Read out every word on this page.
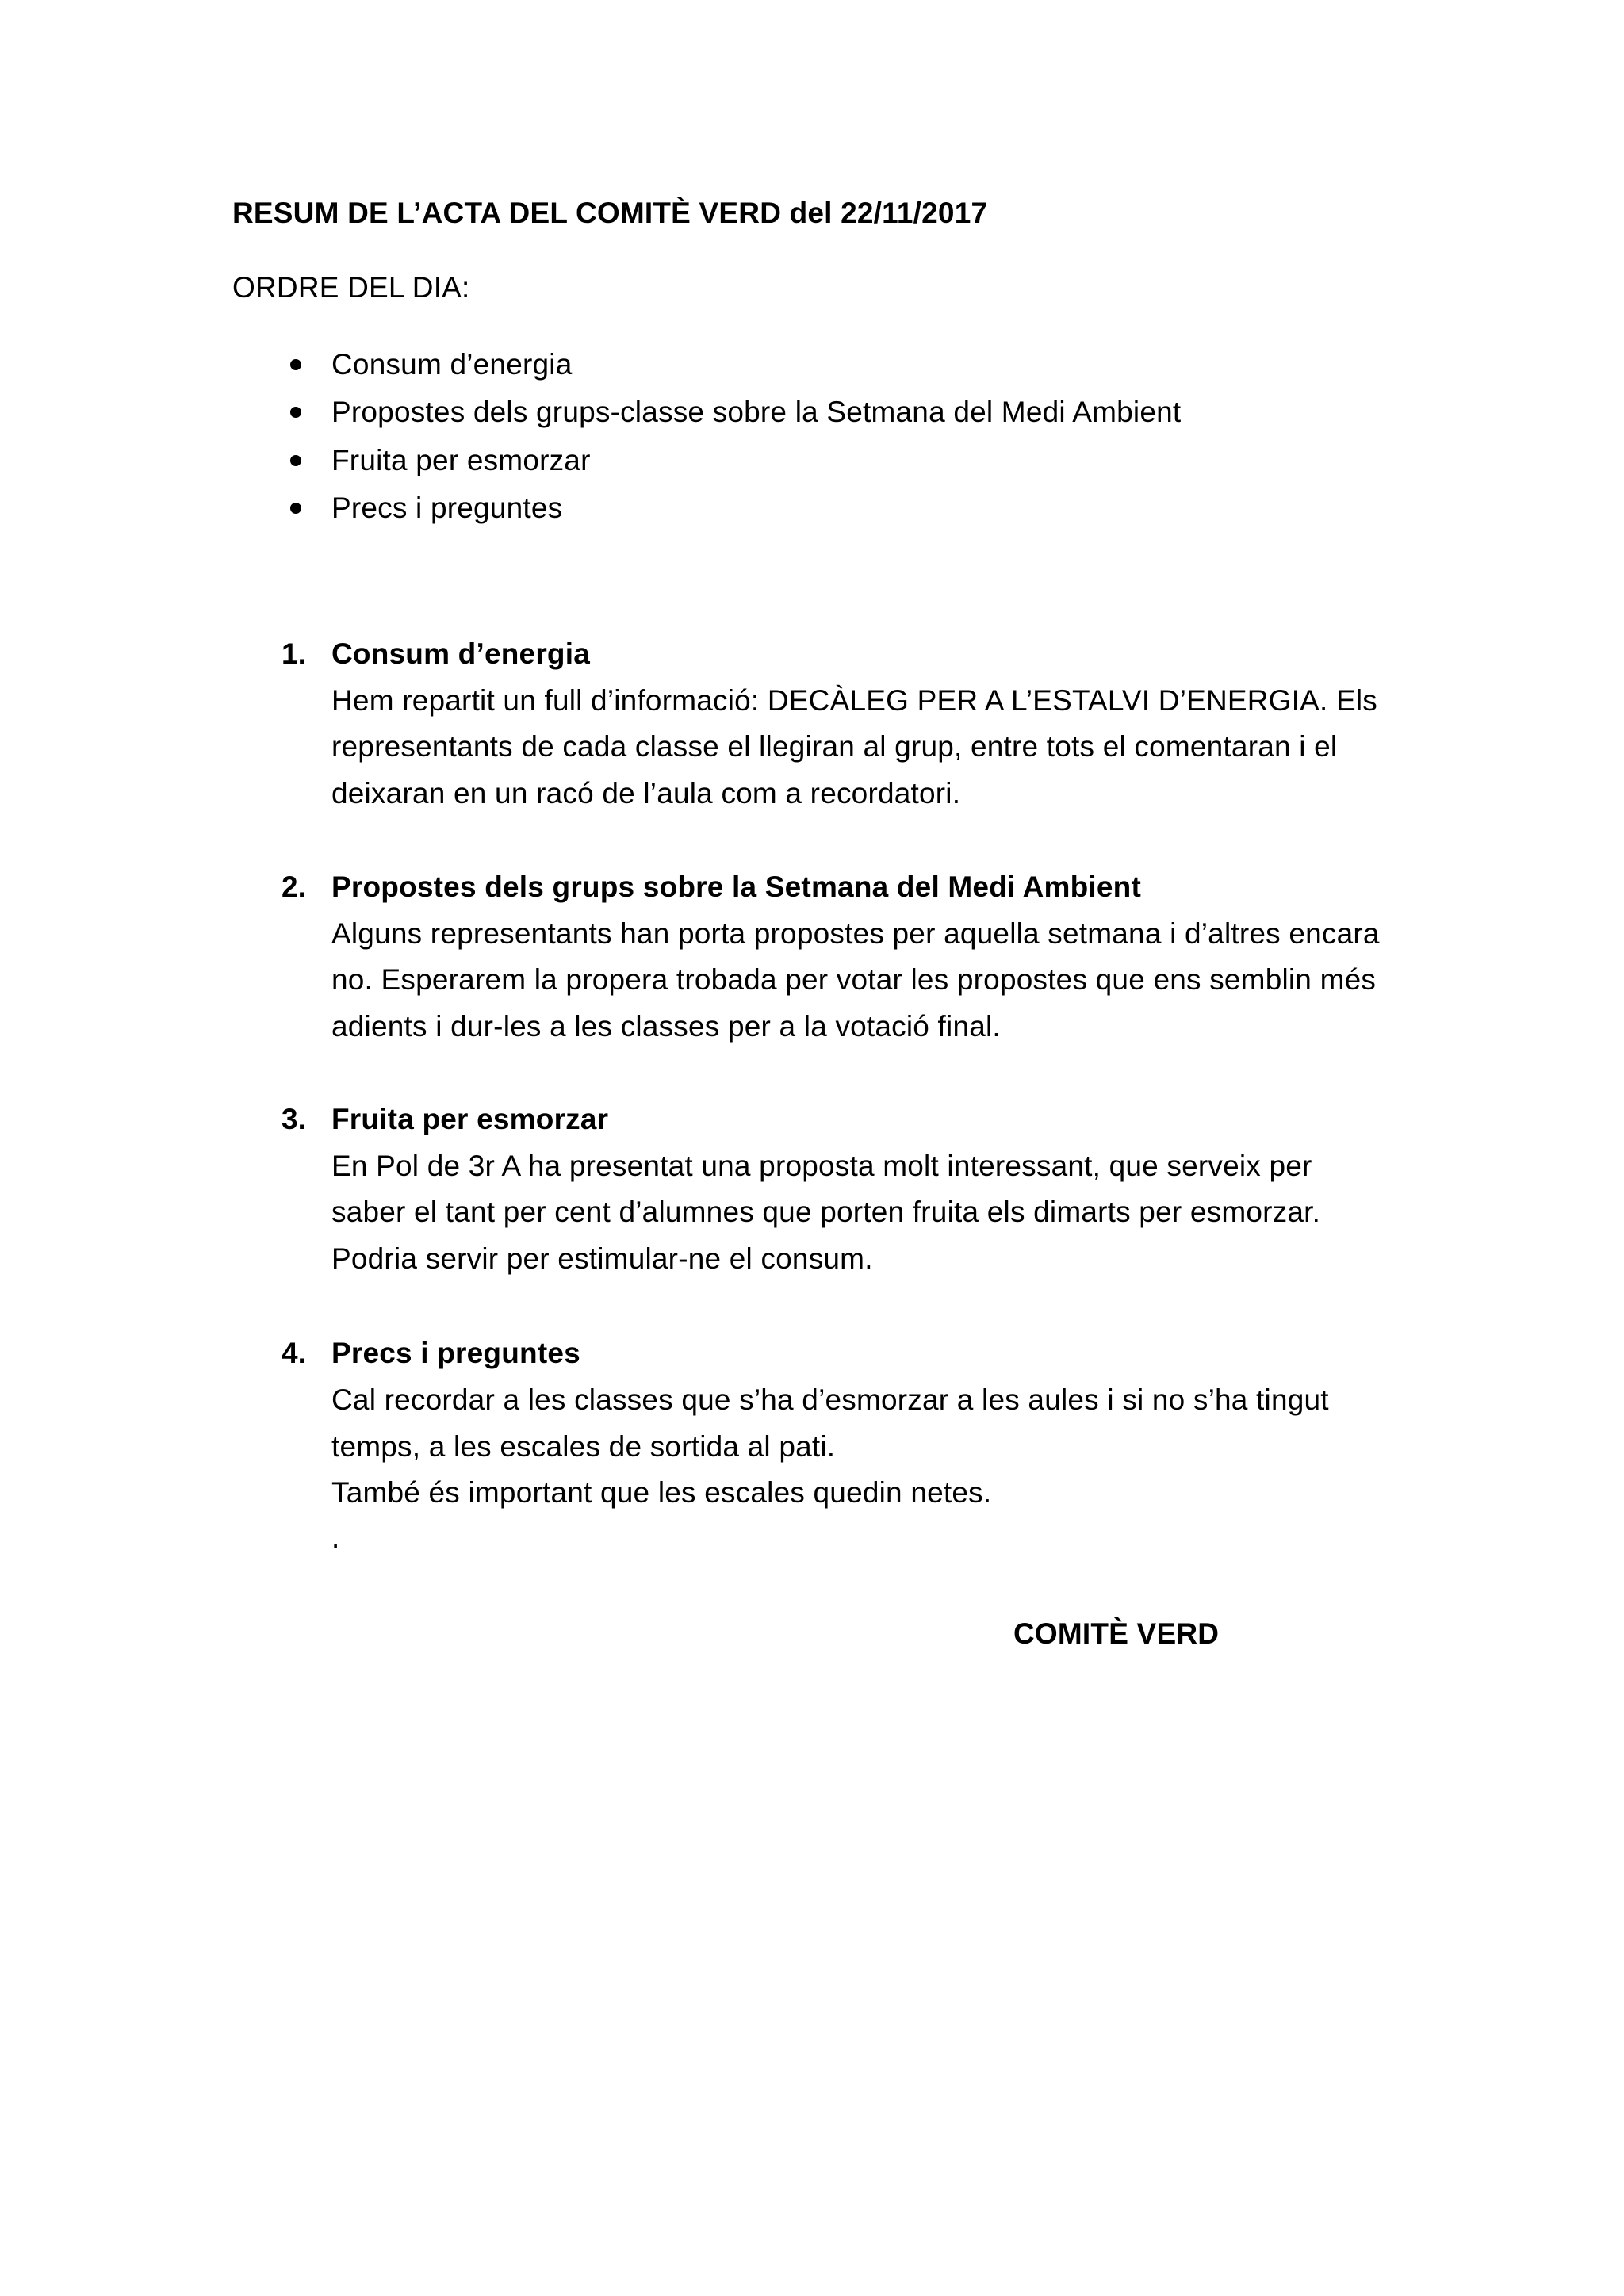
RESUM DE L’ACTA DEL COMITÈ VERD del 22/11/2017
ORDRE DEL DIA:
Consum d’energia
Propostes dels grups-classe sobre la Setmana del Medi Ambient
Fruita per esmorzar
Precs i preguntes
1. Consum d’energia
Hem repartit un full d’informació: DECÀLEG PER A L’ESTALVI D’ENERGIA. Els
representants de cada classe el llegiran al grup, entre tots el comentaran i el
deixaran en un racó de l’aula com a recordatori.
2. Propostes dels grups sobre la Setmana del Medi Ambient
Alguns representants han porta propostes per aquella setmana i d’altres encara
no. Esperarem la propera trobada per votar les propostes que ens semblin més
adients i dur-les a les classes per a la votació final.
3. Fruita per esmorzar
En Pol de 3r A ha presentat una proposta molt interessant, que serveix per
saber el tant per cent d’alumnes que porten fruita els dimarts per esmorzar.
Podria servir per estimular-ne el consum.
4. Precs i preguntes
Cal recordar a les classes que s’ha d’esmorzar a les aules i si no s’ha tingut
temps, a les escales de sortida al pati.
També és important que les escales quedin netes.
.
COMITÈ VERD
